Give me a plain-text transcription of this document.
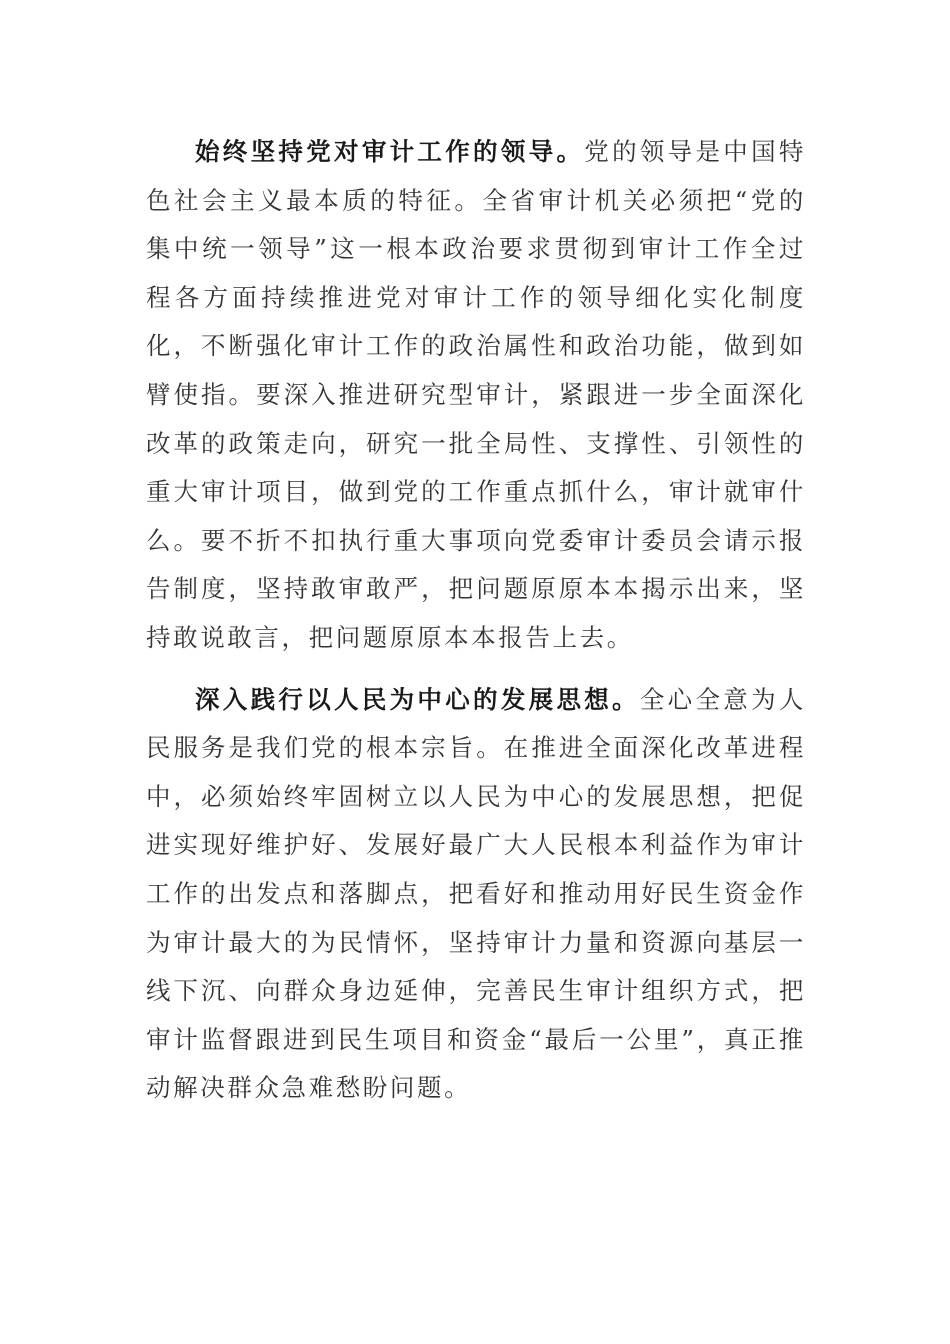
始终坚持党对审计工作的领导。党的领导是中国特色社会主义最本质的特征。全省审计机关必须把“党的集中统一领导”这一根本政治要求贯彻到审计工作全过程各方面持续推进党对审计工作的领导细化实化制度化，不断强化审计工作的政治属性和政治功能，做到如臂使指。要深入推进研究型审计，紧跟进一步全面深化改革的政策走向，研究一批全局性、支撑性、引领性的重大审计项目，做到党的工作重点抓什么，审计就审什么。要不折不扣执行重大事项向党委审计委员会请示报告制度，坚持敢审敢严，把问题原原本本揭示出来，坚持敢说敢言，把问题原原本本报告上去。

深入践行以人民为中心的发展思想。全心全意为人民服务是我们党的根本宗旨。在推进全面深化改革进程中，必须始终牢固树立以人民为中心的发展思想，把促进实现好维护好、发展好最广大人民根本利益作为审计工作的出发点和落脚点，把看好和推动用好民生资金作为审计最大的为民情怀，坚持审计力量和资源向基层一线下沉、向群众身边延伸，完善民生审计组织方式，把审计监督跟进到民生项目和资金“最后一公里”，真正推动解决群众急难愁盼问题。
